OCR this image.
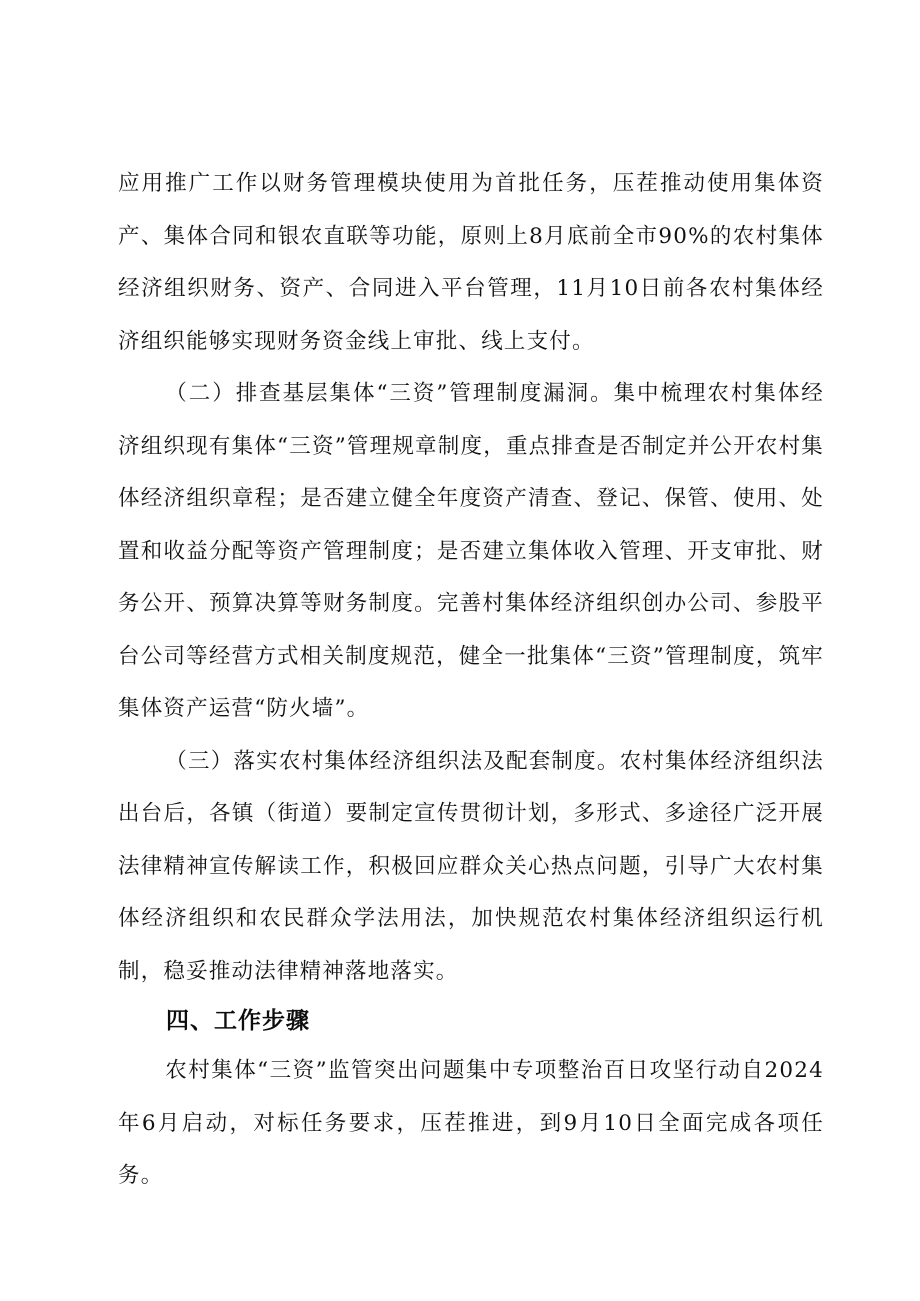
应用推广工作以财务管理模块使用为首批任务，压茬推动使用集体资产、集体合同和银农直联等功能，原则上8月底前全市90%的农村集体经济组织财务、资产、合同进入平台管理，11月10日前各农村集体经济组织能够实现财务资金线上审批、线上支付。

（二）排查基层集体“三资”管理制度漏洞。集中梳理农村集体经济组织现有集体“三资”管理规章制度，重点排查是否制定并公开农村集体经济组织章程；是否建立健全年度资产清查、登记、保管、使用、处置和收益分配等资产管理制度；是否建立集体收入管理、开支审批、财务公开、预算决算等财务制度。完善村集体经济组织创办公司、参股平台公司等经营方式相关制度规范，健全一批集体“三资”管理制度，筑牢集体资产运营“防火墙”。

（三）落实农村集体经济组织法及配套制度。农村集体经济组织法出台后，各镇（街道）要制定宣传贯彻计划，多形式、多途径广泛开展法律精神宣传解读工作，积极回应群众关心热点问题，引导广大农村集体经济组织和农民群众学法用法，加快规范农村集体经济组织运行机制，稳妥推动法律精神落地落实。

四、工作步骤

农村集体“三资”监管突出问题集中专项整治百日攻坚行动自2024年6月启动，对标任务要求，压茬推进，到9月10日全面完成各项任务。
